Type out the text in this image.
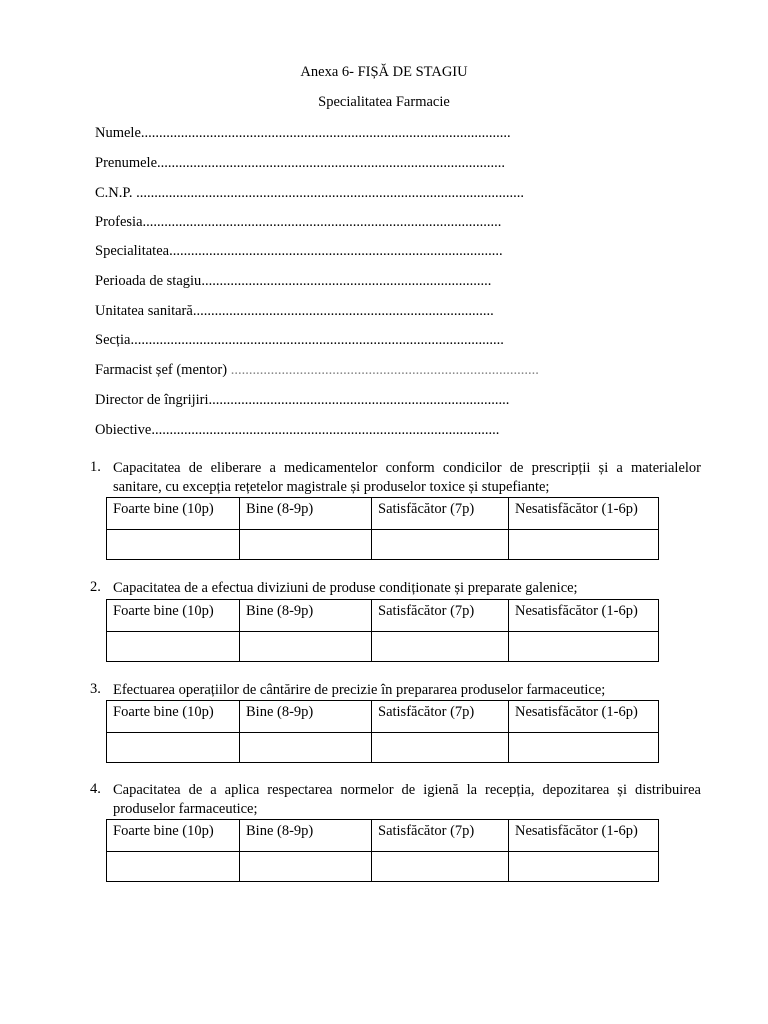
Anexa 6- FIȘĂ DE STAGIU
Specialitatea Farmacie
Numele......................................................................................................
Prenumele................................................................................................
C.N.P. ...........................................................................................................
Profesia...................................................................................................
Specialitatea............................................................................................
Perioada de stagiu................................................................................
Unitatea sanitară...................................................................................
Secția.......................................................................................................
Farmacist șef (mentor) .....................................................................................
Director de îngrijiri...................................................................................
Obiective................................................................................................
1. Capacitatea de eliberare a medicamentelor conform condicilor de prescripții și a materialelor sanitare, cu excepția rețetelor magistrale și produselor toxice și stupefiante;
Foarte bine (10p)	Bine (8-9p)	Satisfăcător (7p)	Nesatisfăcător (1-6p)

2. Capacitatea de a efectua diviziuni de produse condiționate și preparate galenice;
Foarte bine (10p)	Bine (8-9p)	Satisfăcător (7p)	Nesatisfăcător (1-6p)

3. Efectuarea operațiilor de cântărire de precizie în prepararea produselor farmaceutice;
Foarte bine (10p)	Bine (8-9p)	Satisfăcător (7p)	Nesatisfăcător (1-6p)

4. Capacitatea de a aplica respectarea normelor de igienă la recepția, depozitarea și distribuirea produselor farmaceutice;
Foarte bine (10p)	Bine (8-9p)	Satisfăcător (7p)	Nesatisfăcător (1-6p)
